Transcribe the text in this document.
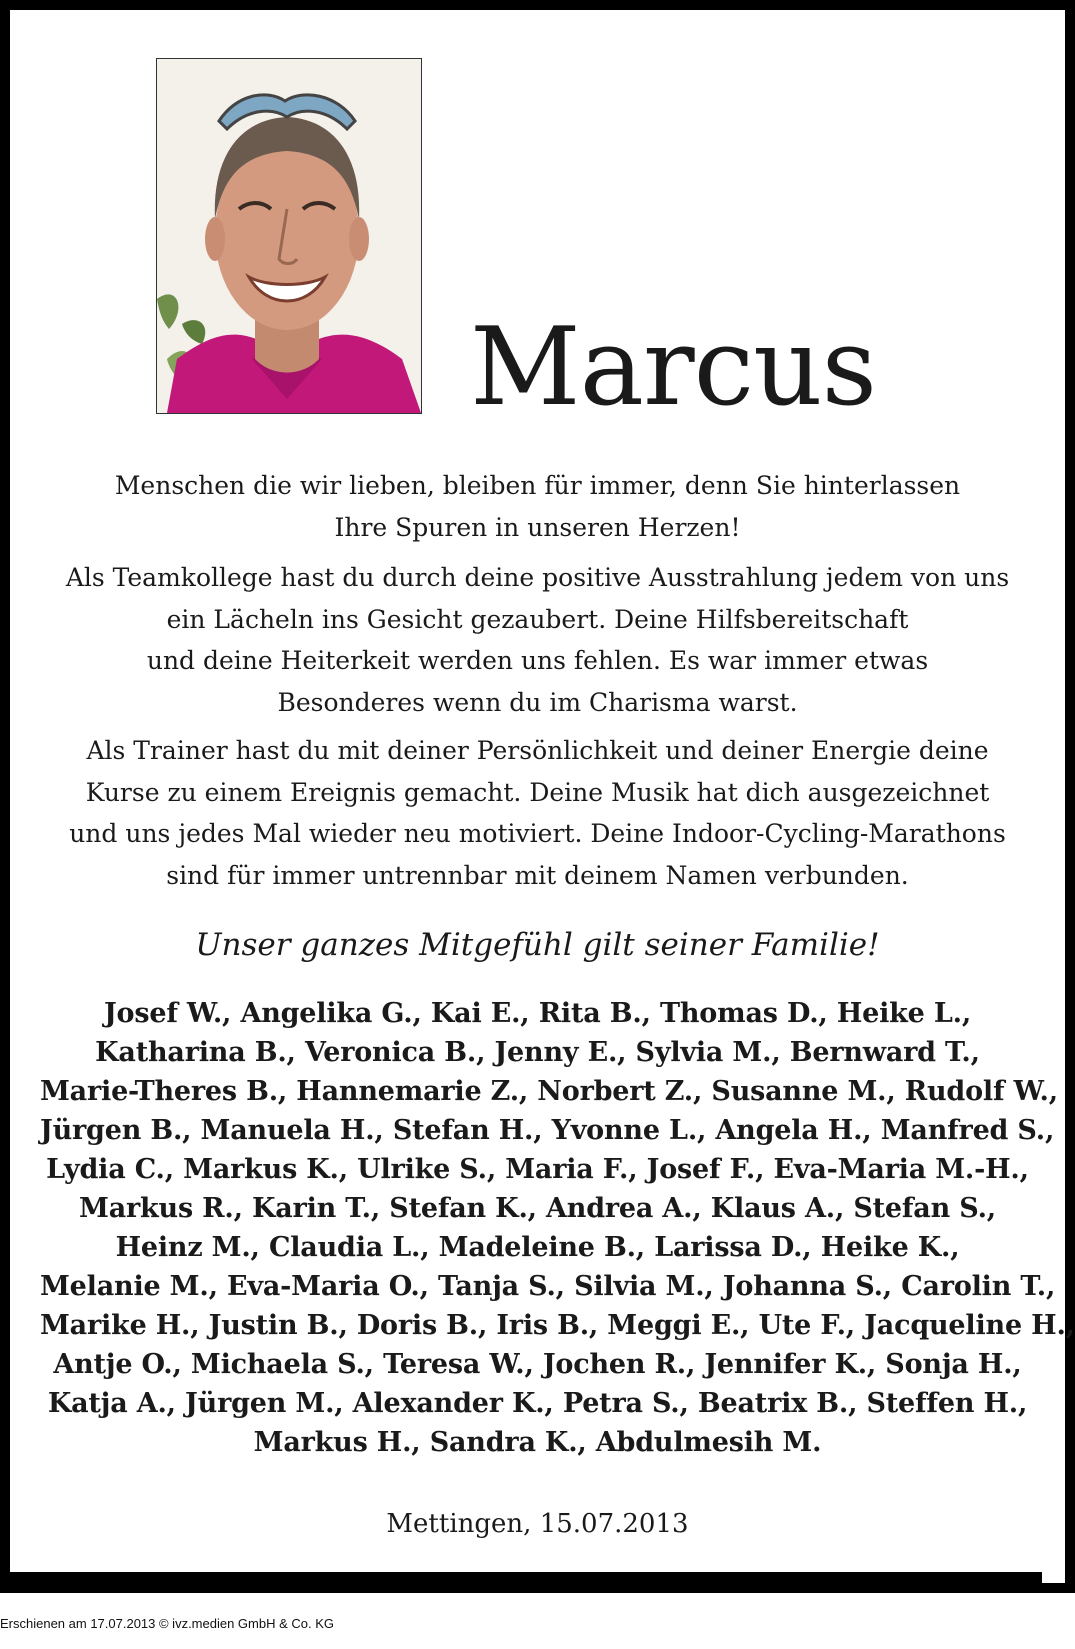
Marcus
Menschen die wir lieben, bleiben für immer, denn Sie hinterlassen
Ihre Spuren in unseren Herzen!
Als Teamkollege hast du durch deine positive Ausstrahlung jedem von uns
ein Lächeln ins Gesicht gezaubert. Deine Hilfsbereitschaft
und deine Heiterkeit werden uns fehlen. Es war immer etwas
Besonderes wenn du im Charisma warst.
Als Trainer hast du mit deiner Persönlichkeit und deiner Energie deine
Kurse zu einem Ereignis gemacht. Deine Musik hat dich ausgezeichnet
und uns jedes Mal wieder neu motiviert. Deine Indoor-Cycling-Marathons
sind für immer untrennbar mit deinem Namen verbunden.
Unser ganzes Mitgefühl gilt seiner Familie!
Josef W., Angelika G., Kai E., Rita B., Thomas D., Heike L.,
Katharina B., Veronica B., Jenny E., Sylvia M., Bernward T.,
Marie-Theres B., Hannemarie Z., Norbert Z., Susanne M., Rudolf W.,
Jürgen B., Manuela H., Stefan H., Yvonne L., Angela H., Manfred S.,
Lydia C., Markus K., Ulrike S., Maria F., Josef F., Eva-Maria M.-H.,
Markus R., Karin T., Stefan K., Andrea A., Klaus A., Stefan S.,
Heinz M., Claudia L., Madeleine B., Larissa D., Heike K.,
Melanie M., Eva-Maria O., Tanja S., Silvia M., Johanna S., Carolin T.,
Marike H., Justin B., Doris B., Iris B., Meggi E., Ute F., Jacqueline H.,
Antje O., Michaela S., Teresa W., Jochen R., Jennifer K., Sonja H.,
Katja A., Jürgen M., Alexander K., Petra S., Beatrix B., Steffen H.,
Markus H., Sandra K., Abdulmesih M.
Mettingen, 15.07.2013
Erschienen am 17.07.2013 © ivz.medien GmbH & Co. KG
